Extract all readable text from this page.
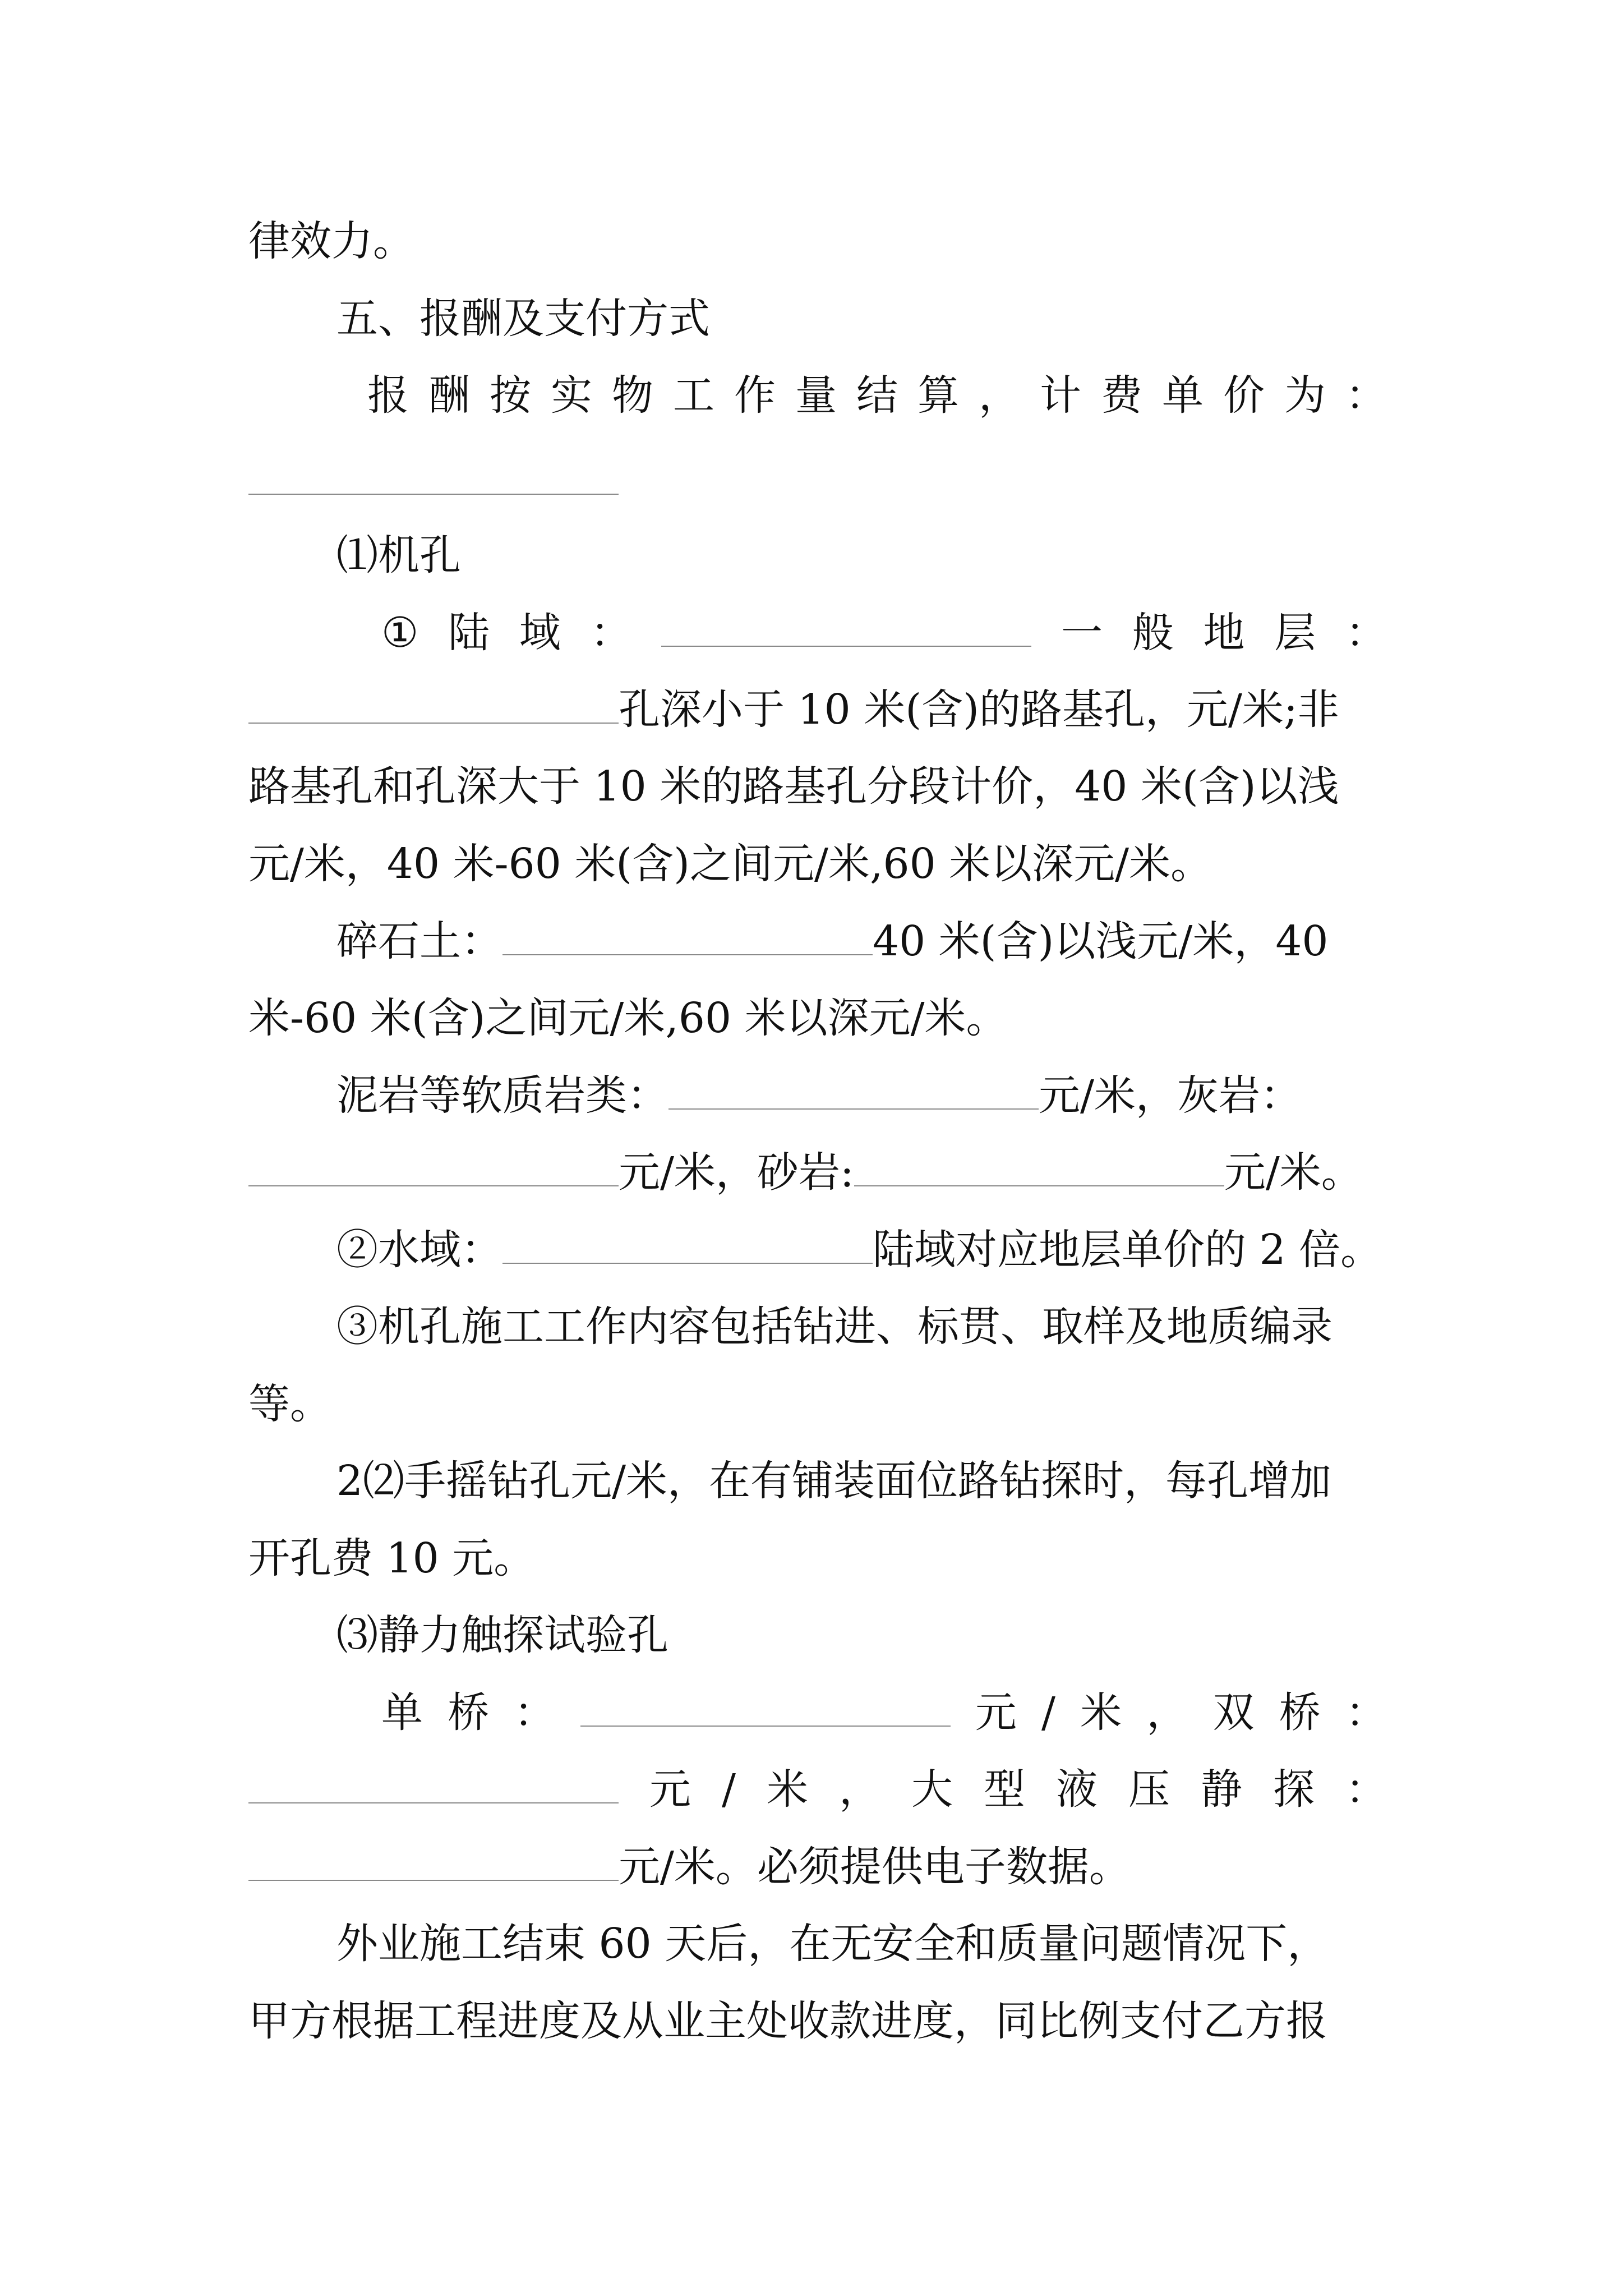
律效力。
五、报酬及支付方式
报 酬 按 实 物 工 作 量 结 算 ， 计 费 单 价 为 ：
⑴机孔
① 陆 域 ：	一 般 地 层 ：
孔深小于 10 米(含)的路基孔，元/米;非
路基孔和孔深大于 10 米的路基孔分段计价，40 米(含)以浅
元/米，40 米-60 米(含)之间元/米,60 米以深元/米。
碎石土：	40 米(含)以浅元/米，40
米-60 米(含)之间元/米,60 米以深元/米。
泥岩等软质岩类：	元/米，灰岩：
元/米，砂岩:	元/米。
②水域：	陆域对应地层单价的 2 倍。
③机孔施工工作内容包括钻进、标贯、取样及地质编录
等。
2⑵手摇钻孔元/米，在有铺装面位路钻探时，每孔增加
开孔费 10 元。
⑶静力触探试验孔
单 桥 ：	元 / 米 ， 双 桥 ：
元 / 米 ， 大 型 液 压 静 探 ：
元/米。必须提供电子数据。
外业施工结束 60 天后，在无安全和质量问题情况下，
甲方根据工程进度及从业主处收款进度，同比例支付乙方报
